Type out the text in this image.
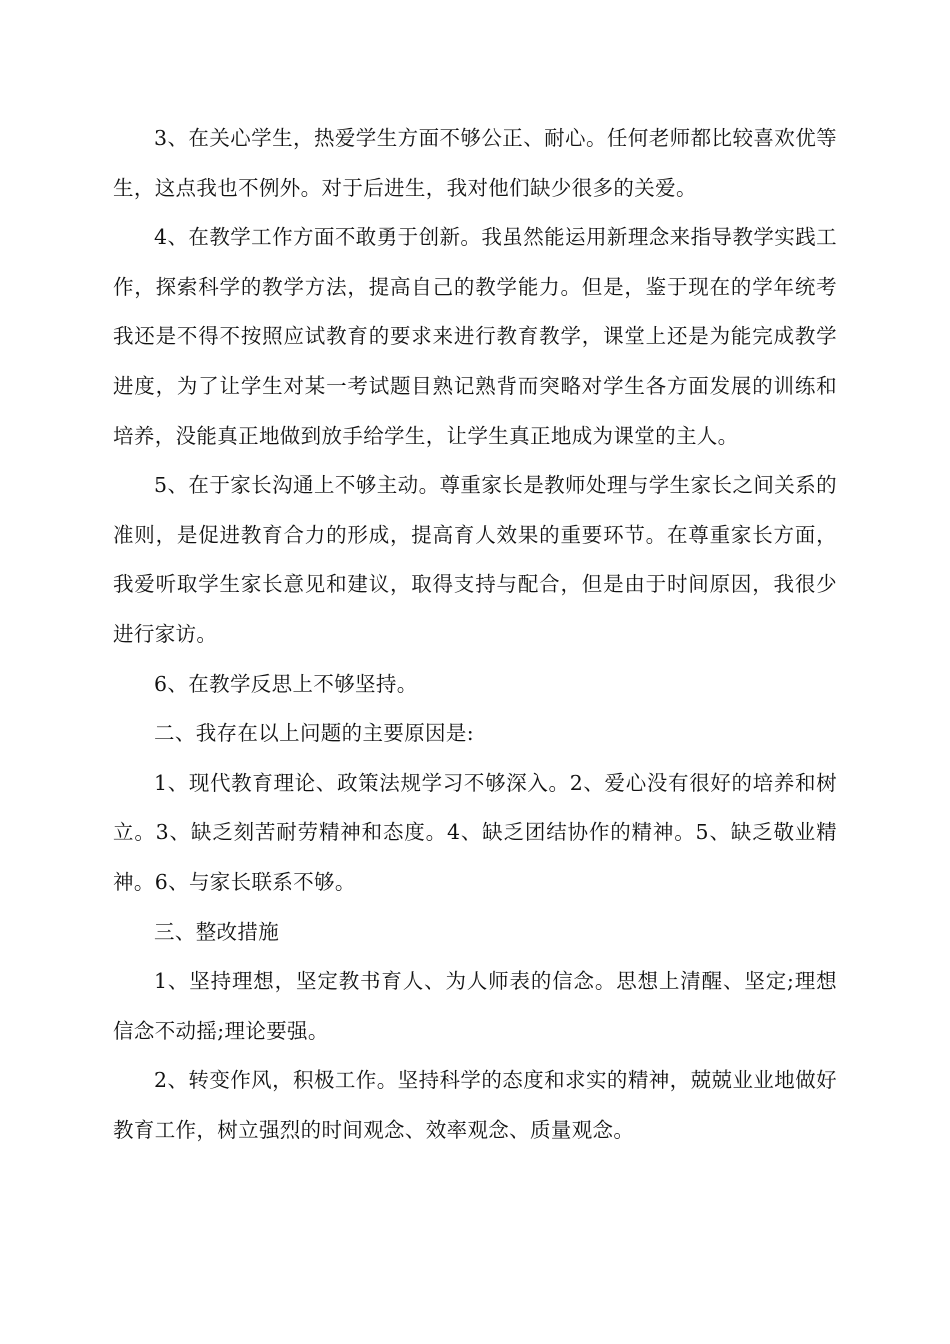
3、在关心学生，热爱学生方面不够公正、耐心。任何老师都比较喜欢优等生，这点我也不例外。对于后进生，我对他们缺少很多的关爱。

4、在教学工作方面不敢勇于创新。我虽然能运用新理念来指导教学实践工作，探索科学的教学方法，提高自己的教学能力。但是，鉴于现在的学年统考我还是不得不按照应试教育的要求来进行教育教学，课堂上还是为能完成教学进度，为了让学生对某一考试题目熟记熟背而突略对学生各方面发展的训练和培养，没能真正地做到放手给学生，让学生真正地成为课堂的主人。

5、在于家长沟通上不够主动。尊重家长是教师处理与学生家长之间关系的准则，是促进教育合力的形成，提高育人效果的重要环节。在尊重家长方面，我爱听取学生家长意见和建议，取得支持与配合，但是由于时间原因，我很少进行家访。

6、在教学反思上不够坚持。

二、我存在以上问题的主要原因是:

1、现代教育理论、政策法规学习不够深入。2、爱心没有很好的培养和树立。3、缺乏刻苦耐劳精神和态度。4、缺乏团结协作的精神。5、缺乏敬业精神。6、与家长联系不够。

三、整改措施

1、坚持理想，坚定教书育人、为人师表的信念。思想上清醒、坚定;理想信念不动摇;理论要强。

2、转变作风，积极工作。坚持科学的态度和求实的精神，兢兢业业地做好教育工作，树立强烈的时间观念、效率观念、质量观念。
